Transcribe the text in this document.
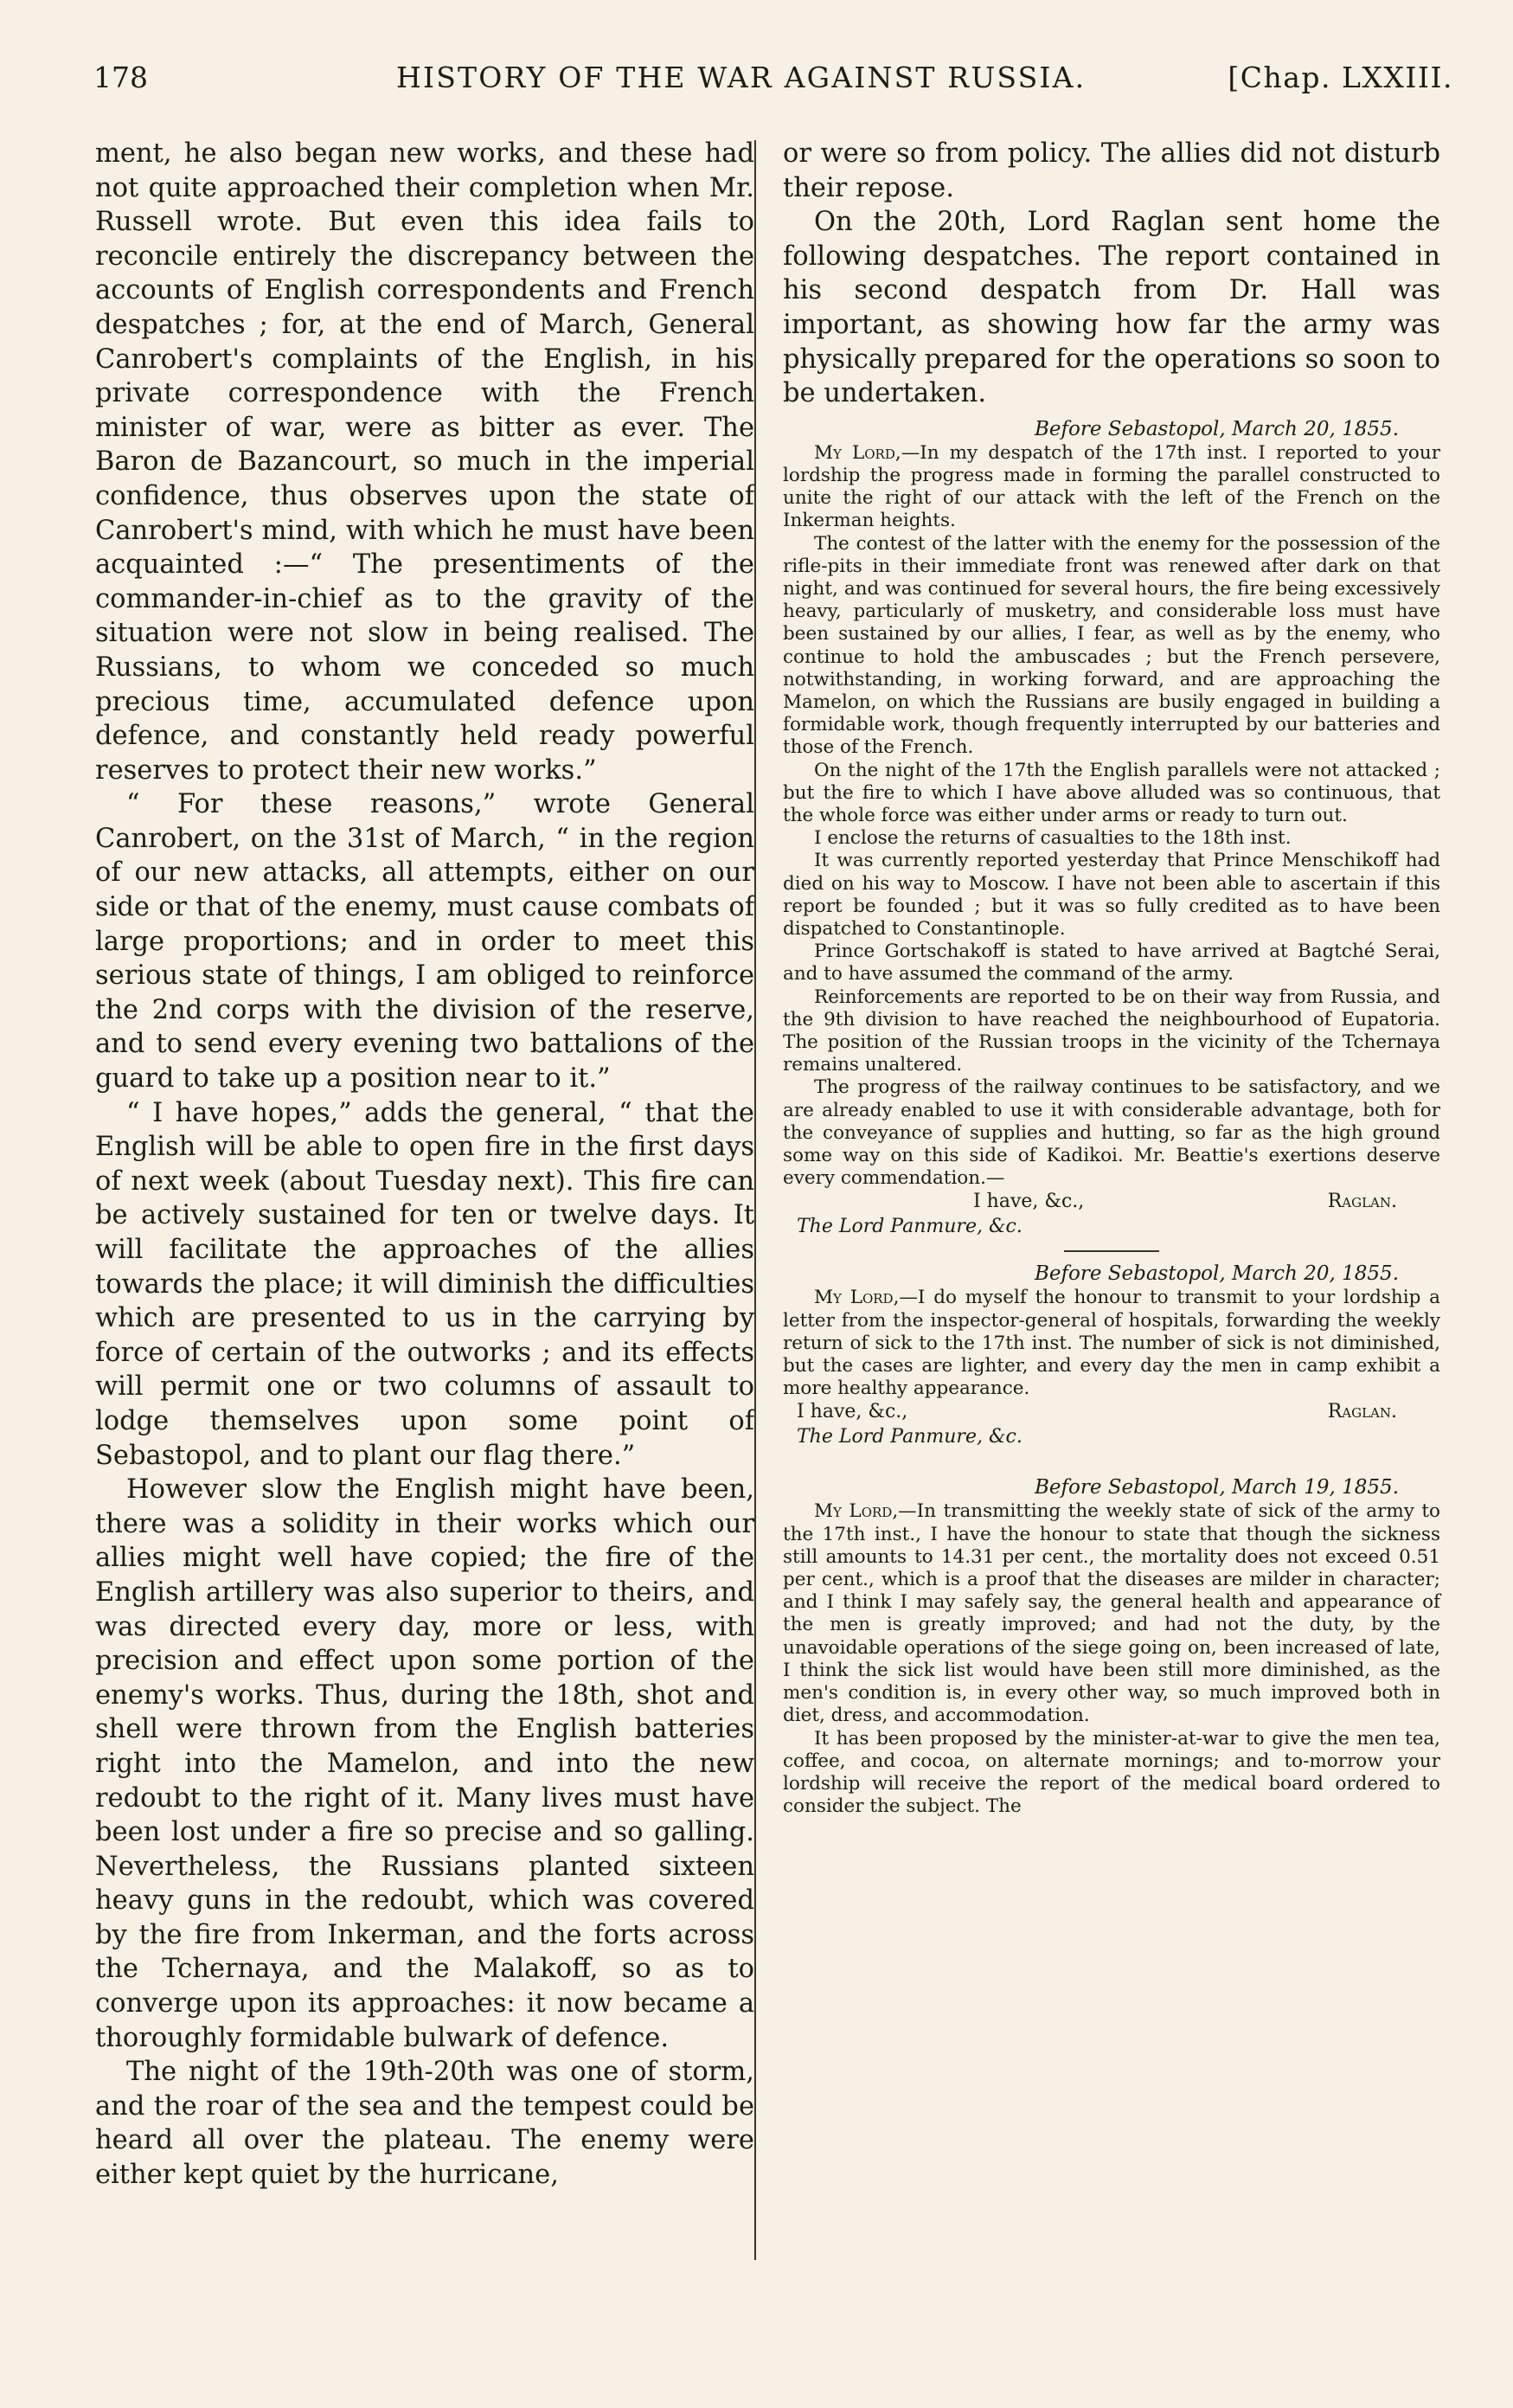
178	HISTORY OF THE WAR AGAINST RUSSIA.	[Chap. LXXIII.

ment, he also began new works, and these had not quite approached their completion when Mr. Russell wrote. But even this idea fails to reconcile entirely the discrepancy between the accounts of English correspondents and French despatches ; for, at the end of March, General Canrobert's complaints of the English, in his private correspondence with the French minister of war, were as bitter as ever. The Baron de Bazancourt, so much in the imperial confidence, thus observes upon the state of Canrobert's mind, with which he must have been acquainted :—“ The presentiments of the commander-in-chief as to the gravity of the situation were not slow in being realised. The Russians, to whom we conceded so much precious time, accumulated defence upon defence, and constantly held ready powerful reserves to protect their new works.”

“ For these reasons,” wrote General Canrobert, on the 31st of March, “ in the region of our new attacks, all attempts, either on our side or that of the enemy, must cause combats of large proportions; and in order to meet this serious state of things, I am obliged to reinforce the 2nd corps with the division of the reserve, and to send every evening two battalions of the guard to take up a position near to it.”

“ I have hopes,” adds the general, “ that the English will be able to open fire in the first days of next week (about Tuesday next). This fire can be actively sustained for ten or twelve days. It will facilitate the approaches of the allies towards the place; it will diminish the difficulties which are presented to us in the carrying by force of certain of the outworks ; and its effects will permit one or two columns of assault to lodge themselves upon some point of Sebastopol, and to plant our flag there.”

However slow the English might have been, there was a solidity in their works which our allies might well have copied; the fire of the English artillery was also superior to theirs, and was directed every day, more or less, with precision and effect upon some portion of the enemy's works. Thus, during the 18th, shot and shell were thrown from the English batteries right into the Mamelon, and into the new redoubt to the right of it. Many lives must have been lost under a fire so precise and so galling. Nevertheless, the Russians planted sixteen heavy guns in the redoubt, which was covered by the fire from Inkerman, and the forts across the Tchernaya, and the Malakoff, so as to converge upon its approaches: it now became a thoroughly formidable bulwark of defence.

The night of the 19th-20th was one of storm, and the roar of the sea and the tempest could be heard all over the plateau. The enemy were either kept quiet by the hurricane,

or were so from policy. The allies did not disturb their repose.

On the 20th, Lord Raglan sent home the following despatches. The report contained in his second despatch from Dr. Hall was important, as showing how far the army was physically prepared for the operations so soon to be undertaken.

Before Sebastopol, March 20, 1855.

My Lord,—In my despatch of the 17th inst. I reported to your lordship the progress made in forming the parallel constructed to unite the right of our attack with the left of the French on the Inkerman heights.

The contest of the latter with the enemy for the possession of the rifle-pits in their immediate front was renewed after dark on that night, and was continued for several hours, the fire being excessively heavy, particularly of musketry, and considerable loss must have been sustained by our allies, I fear, as well as by the enemy, who continue to hold the ambuscades ; but the French persevere, notwithstanding, in working forward, and are approaching the Mamelon, on which the Russians are busily engaged in building a formidable work, though frequently interrupted by our batteries and those of the French.

On the night of the 17th the English parallels were not attacked ; but the fire to which I have above alluded was so continuous, that the whole force was either under arms or ready to turn out.

I enclose the returns of casualties to the 18th inst.

It was currently reported yesterday that Prince Menschikoff had died on his way to Moscow. I have not been able to ascertain if this report be founded ; but it was so fully credited as to have been dispatched to Constantinople.

Prince Gortschakoff is stated to have arrived at Bagtché Serai, and to have assumed the command of the army.

Reinforcements are reported to be on their way from Russia, and the 9th division to have reached the neighbourhood of Eupatoria. The position of the Russian troops in the vicinity of the Tchernaya remains unaltered.

The progress of the railway continues to be satisfactory, and we are already enabled to use it with considerable advantage, both for the conveyance of supplies and hutting, so far as the high ground some way on this side of Kadikoi. Mr. Beattie's exertions deserve every commendation.—

I have, &c.,	Raglan.
The Lord Panmure, &c.
Before Sebastopol, March 20, 1855.

My Lord,—I do myself the honour to transmit to your lordship a letter from the inspector-general of hospitals, forwarding the weekly return of sick to the 17th inst. The number of sick is not diminished, but the cases are lighter, and every day the men in camp exhibit a more healthy appearance.

I have, &c.,	Raglan.
The Lord Panmure, &c.
Before Sebastopol, March 19, 1855.

My Lord,—In transmitting the weekly state of sick of the army to the 17th inst., I have the honour to state that though the sickness still amounts to 14.31 per cent., the mortality does not exceed 0.51 per cent., which is a proof that the diseases are milder in character; and I think I may safely say, the general health and appearance of the men is greatly improved; and had not the duty, by the unavoidable operations of the siege going on, been increased of late, I think the sick list would have been still more diminished, as the men's condition is, in every other way, so much improved both in diet, dress, and accommodation.

It has been proposed by the minister-at-war to give the men tea, coffee, and cocoa, on alternate mornings; and to-morrow your lordship will receive the report of the medical board ordered to consider the subject. The
